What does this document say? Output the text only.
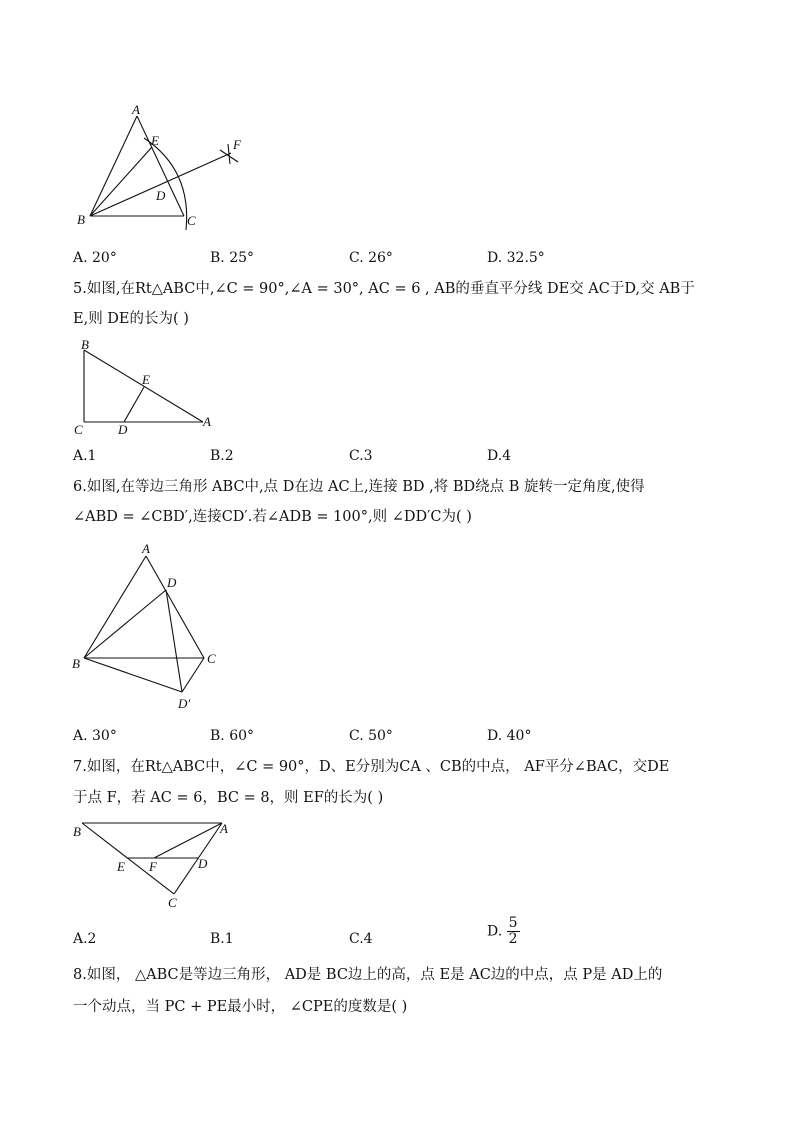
A
E	F
D
B	C
A. 20°	B. 25°	C. 26°	D. 32.5°
5.如图,在Rt△ABC中,∠C = 90°,∠A = 30°, AC = 6 , AB的垂直平分线 DE交 AC于D,交 AB于
E,则 DE的长为( )
B
E
A
C	D
A.1	B.2	C.3	D.4
6.如图,在等边三角形 ABC中,点 D在边 AC上,连接 BD ,将 BD绕点 B 旋转一定角度,使得
∠ABD = ∠CBD′,连接CD′.若∠ADB = 100°,则 ∠DD′C为( )
A
D
C
B
D′
A. 30°	B. 60°	C. 50°	D. 40°
7.如图，在Rt△ABC中，∠C = 90°，D、E分别为CA 、CB的中点， AF平分∠BAC，交DE
于点 F，若 AC = 6，BC = 8，则 EF的长为( )
B	A
E F	D
C
A.2	B.1	C.4	D. $\frac{5}{2}$
8.如图， △ABC是等边三角形， AD是 BC边上的高，点 E是 AC边的中点，点 P是 AD上的
一个动点，当 PC + PE最小时， ∠CPE的度数是( )
